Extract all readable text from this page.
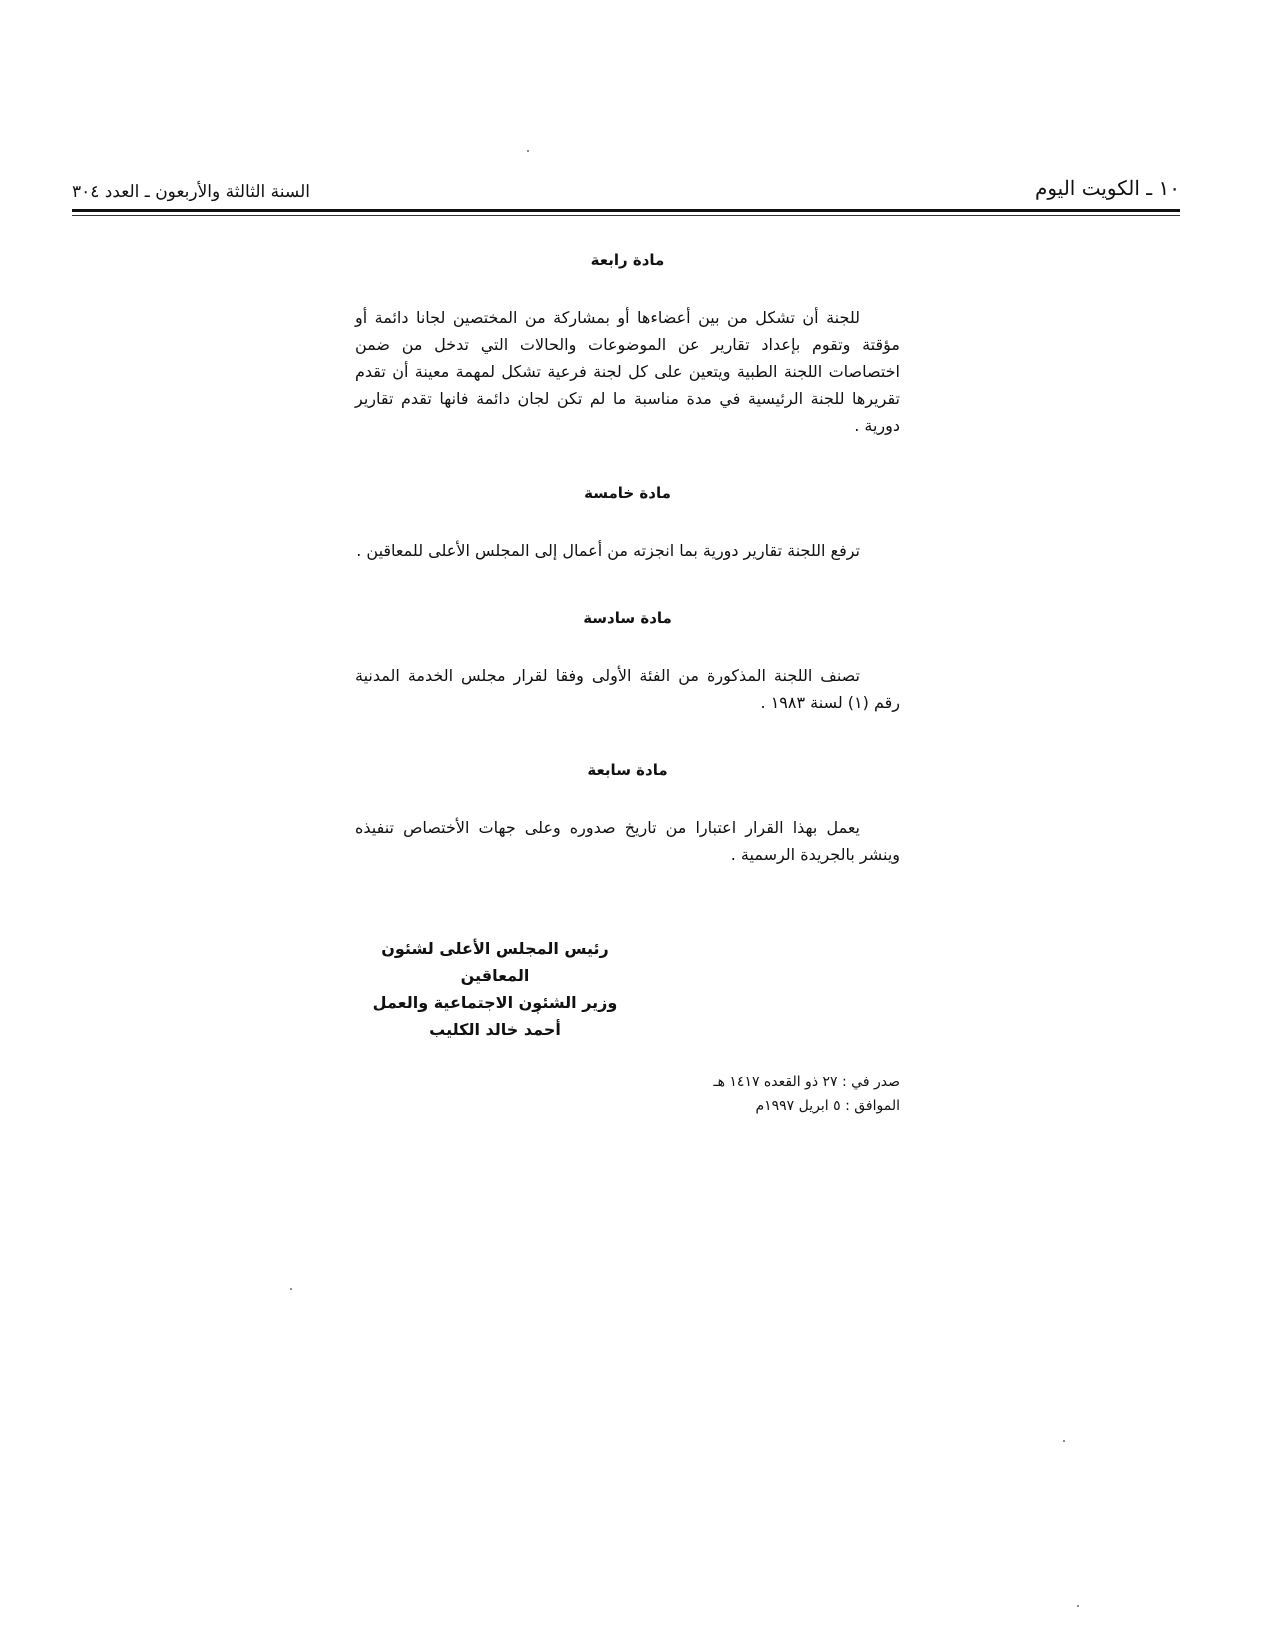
١٠ ـ الكويت اليوم
السنة الثالثة والأربعون ـ العدد ٣٠٤
مادة رابعة

للجنة أن تشكل من بين أعضاءها أو بمشاركة من المختصين لجانا دائمة أو مؤقتة وتقوم بإعداد تقارير عن الموضوعات والحالات التي تدخل من ضمن اختصاصات اللجنة الطبية ويتعين على كل لجنة فرعية تشكل لمهمة معينة أن تقدم تقريرها للجنة الرئيسية في مدة مناسبة ما لم تكن لجان دائمة فانها تقدم تقارير دورية .

مادة خامسة

ترفع اللجنة تقارير دورية بما انجزته من أعمال إلى المجلس الأعلى للمعاقين .

مادة سادسة

تصنف اللجنة المذكورة من الفئة الأولى وفقا لقرار مجلس الخدمة المدنية رقم (١) لسنة ١٩٨٣ .

مادة سابعة

يعمل بهذا القرار اعتبارا من تاريخ صدوره وعلى جهات الأختصاص تنفيذه وينشر بالجريدة الرسمية .

رئيس المجلس الأعلى لشئون المعاقين
وزير الشئون الاجتماعية والعمل
أحمد خالد الكليب
صدر في : ٢٧ ذو القعده ١٤١٧ هـ
الموافق : ٥ ابريل ١٩٩٧م
